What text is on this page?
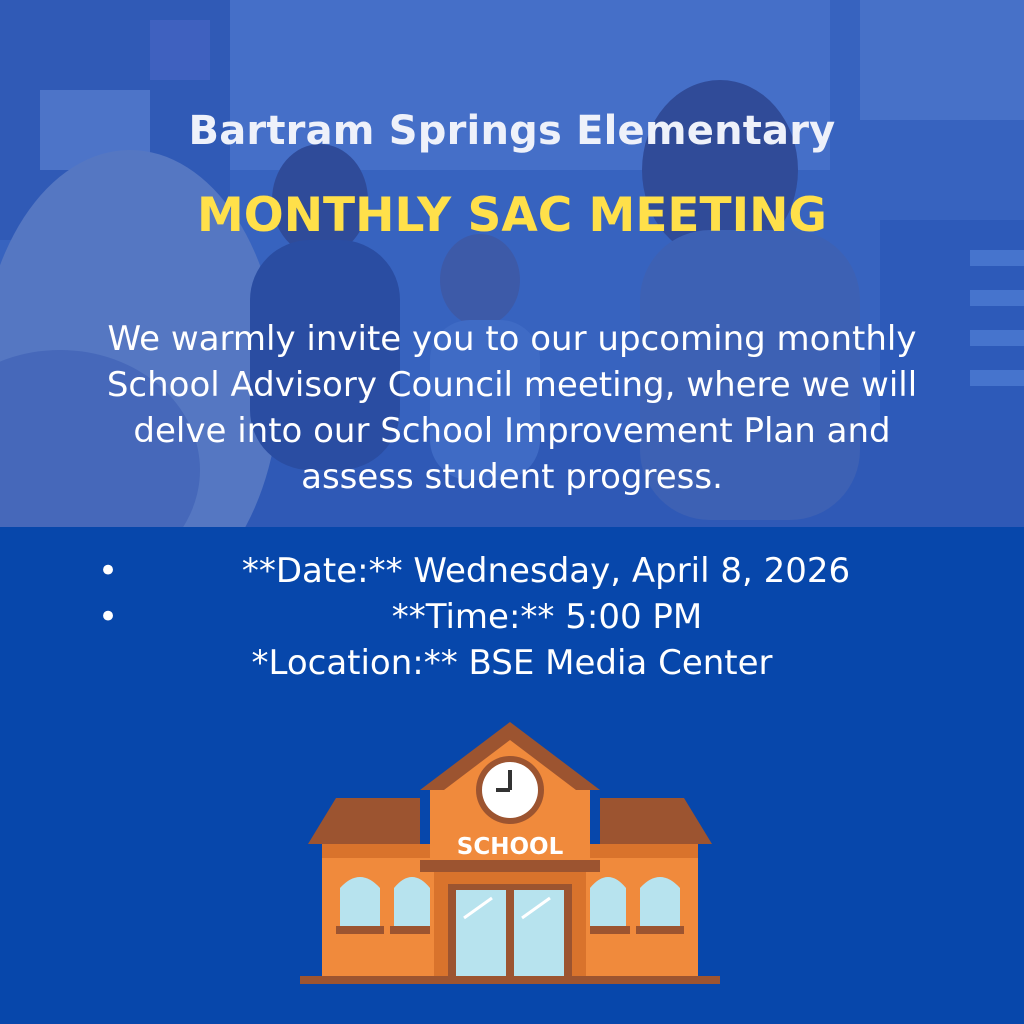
Bartram Springs Elementary
MONTHLY SAC MEETING
We warmly invite you to our upcoming monthly School Advisory Council meeting, where we will delve into our School Improvement Plan and assess student progress.
•	**Date:** Wednesday, April 8, 2026
•	**Time:** 5:00 PM
*Location:** BSE Media Center
SCHOOL
